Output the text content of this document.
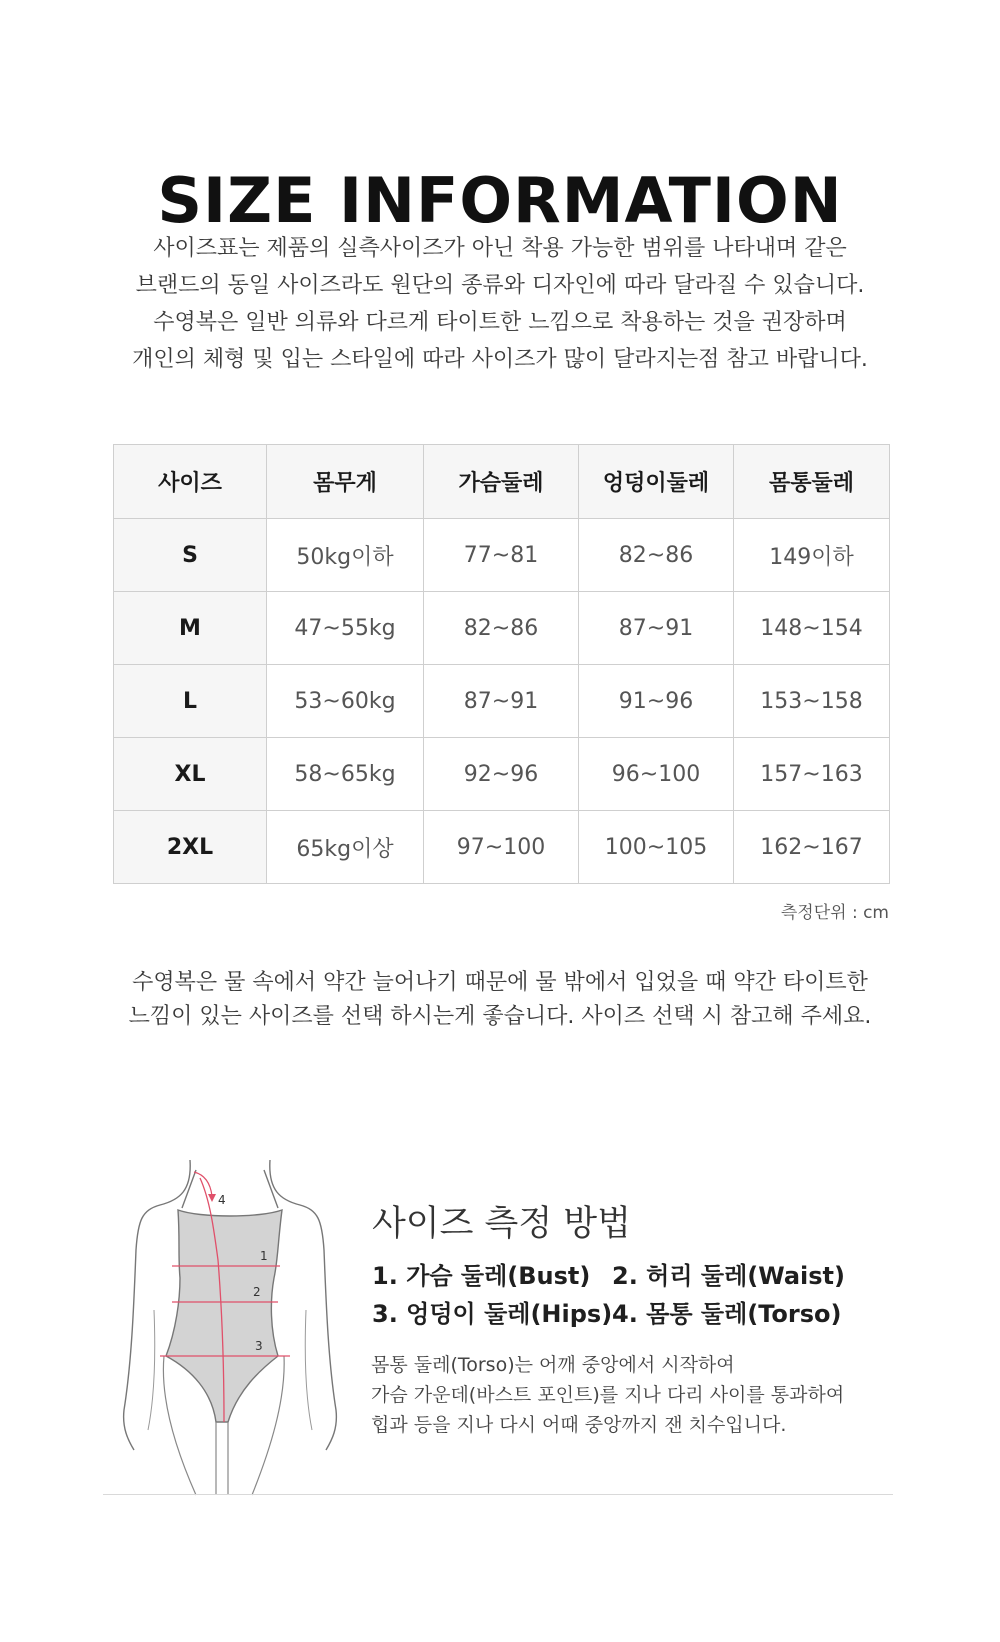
SIZE INFORMATION
사이즈표는 제품의 실측사이즈가 아닌 착용 가능한 범위를 나타내며 같은
브랜드의 동일 사이즈라도 원단의 종류와 디자인에 따라 달라질 수 있습니다.
수영복은 일반 의류와 다르게 타이트한 느낌으로 착용하는 것을 권장하며
개인의 체형 및 입는 스타일에 따라 사이즈가 많이 달라지는점 참고 바랍니다.
사이즈	몸무게	가슴둘레	엉덩이둘레	몸통둘레
S	50kg이하	77~81	82~86	149이하
M	47~55kg	82~86	87~91	148~154
L	53~60kg	87~91	91~96	153~158
XL	58~65kg	92~96	96~100	157~163
2XL	65kg이상	97~100	100~105	162~167
측정단위 : cm
수영복은 물 속에서 약간 늘어나기 때문에 물 밖에서 입었을 때 약간 타이트한
느낌이 있는 사이즈를 선택 하시는게 좋습니다. 사이즈 선택 시 참고해 주세요.
1
2
3
4
사이즈 측정 방법
1. 가슴 둘레(Bust) 2. 허리 둘레(Waist)
3. 엉덩이 둘레(Hips) 4. 몸통 둘레(Torso)
몸통 둘레(Torso)는 어깨 중앙에서 시작하여
가슴 가운데(바스트 포인트)를 지나 다리 사이를 통과하여
힙과 등을 지나 다시 어때 중앙까지 잰 치수입니다.
